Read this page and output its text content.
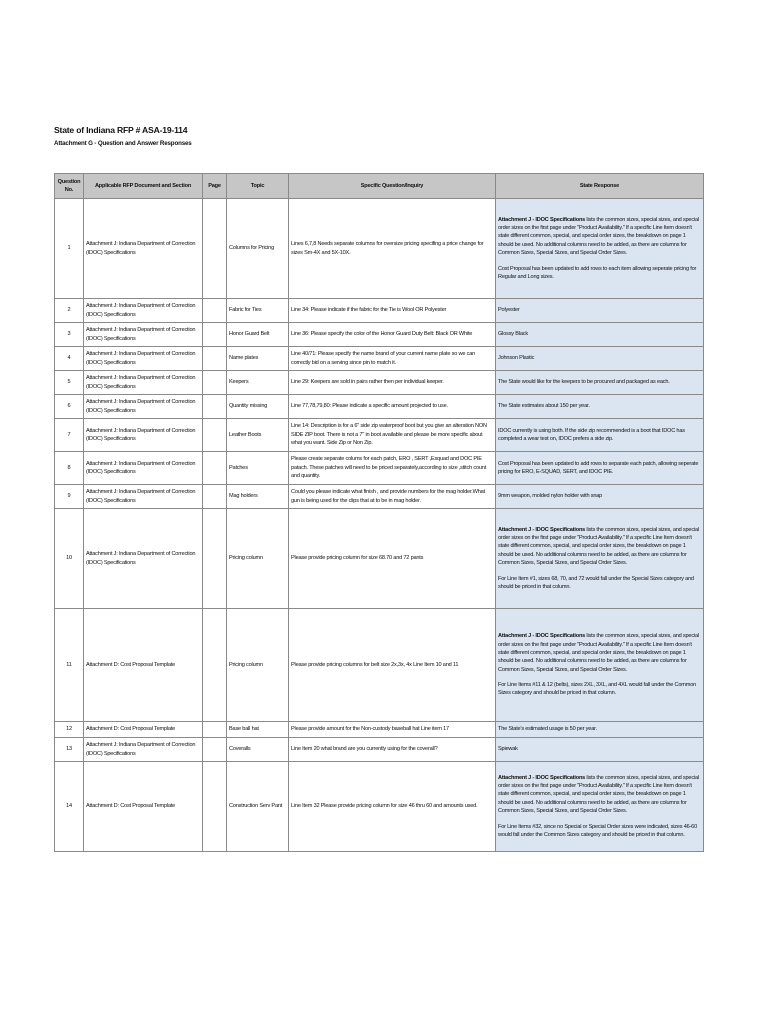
State of Indiana RFP # ASA-19-114
Attachment G - Question and Answer Responses
Question No.	Applicable RFP Document and Section	Page	Topic	Specific Question/Inquiry	State Response
1	Attachment J: Indiana Department of Correction (IDOC) Specifications		Columns for Pricing	Lines 6,7,8 Needs separate columns for oversize pricing specifing a price change for sizes Sm-4X and 5X-10X.	Attachment J - IDOC Specifications lists the common sizes, special sizes, and special order sizes on the first page under "Product Availability." If a specific Line Item doesn't state different common, special, and special order sizes, the breakdown on page 1 should be used. No additional columns need to be added, as there are columns for Common Sizes, Special Sizes, and Special Order Sizes.

Cost Proposal has been updated to add rows to each item allowing seperate pricing for Regular and Long sizes.

2	Attachment J: Indiana Department of Correction (IDOC) Specifications		Fabric for Ties	Line 34: Please indicate if the fabric for the Tie is Wool OR Polyester	Polyester

3	Attachment J: Indiana Department of Correction (IDOC) Specifications		Honor Guard Belt	Line 36: Please specify the color of the Honor Guard Duty Belt: Black OR White	Glossy Black

4	Attachment J: Indiana Department of Correction (IDOC) Specifications		Name plates	Line 40/71: Please specify the name brand of your current name plate so we can correctly bid on a serving since pin to match it.	Johnson Plastic

5	Attachment J: Indiana Department of Correction (IDOC) Specifications		Keepers	Line 29: Keepers are sold in pairs rather then per individual keeper.	The State would like for the keepers to be procured and packaged as each.

6	Attachment J: Indiana Department of Correction (IDOC) Specifications		Quantity missing	Line 77,78,79,80: Please indicate a specific amount projected to use.	The State estimates about 150 per year.

7	Attachment J: Indiana Department of Correction (IDOC) Specifications		Leather Boots	Line 14: Description is for a 6" side zip waterproof boot but you give an alteration NON SIDE ZIP boot. There is not a 7" in boot available and please be more specific about what you want. Side Zip or Non Zip.	IDOC currently is using both. If the side zip recommended is a boot that IDOC has completed a wear test on, IDOC prefers a side zip.

8	Attachment J: Indiana Department of Correction (IDOC) Specifications		Patches	Please create separate colums for each patch, ERO , SERT ,Esquad and DOC PIE patach. These patches will need to be priced separately,according to size ,stitch count and quantity.	Cost Proposal has been updated to add rows to separate each patch, allowing seperate pricing for ERO, E-SQUAD, SERT, and IDOC PIE.

9	Attachment J: Indiana Department of Correction (IDOC) Specifications		Mag holders	Could you please indicate what finish , and provide numbers for the mag holder.What gun is being used for the clips that at to be in mag holder.	9mm weapon, molded nylon holder with snap

10	Attachment J: Indiana Department of Correction (IDOC) Specifications		Pricing column	Please provide pricing column for size 68.70 and 72 pants	Attachment J - IDOC Specifications lists the common sizes, special sizes, and special order sizes on the first page under "Product Availability." If a specific Line Item doesn't state different common, special, and special order sizes, the breakdown on page 1 should be used. No additional columns need to be added, as there are columns for Common Sizes, Special Sizes, and Special Order Sizes.

For Line Item #1, sizes 68, 70, and 72 would fall under the Special Sizes category and should be priced in that column.

11	Attachment D: Cost Proposal Template		Pricing column	Please provide pricing columns for belt size 2x,3x, 4x Line Item 10 and 11	Attachment J - IDOC Specifications lists the common sizes, special sizes, and special order sizes on the first page under "Product Availability." If a specific Line Item doesn't state different common, special, and special order sizes, the breakdown on page 1 should be used. No additional columns need to be added, as there are columns for Common Sizes, Special Sizes, and Special Order Sizes.

For Line Items #11 & 12 (belts), sizes 2XL, 3XL, and 4XL would fall under the Common Sizes category and should be priced in that column.

12	Attachment D: Cost Proposal Template		Base ball hat	Please provide amount for the Non-custody baseball hat Line item 17	The State's estimated usage is 50 per year.

13	Attachment J: Indiana Department of Correction (IDOC) Specifications		Coveralls	Line Item 20 what brand are you currently using for the coverall?	Spiewak

14	Attachment D: Cost Proposal Template		Construction Serv Pant	Line Item 32 Please provide pricing column for size 46 thru 60 and amounts used.	Attachment J - IDOC Specifications lists the common sizes, special sizes, and special order sizes on the first page under "Product Availability." If a specific Line Item doesn't state different common, special, and special order sizes, the breakdown on page 1 should be used. No additional columns need to be added, as there are columns for Common Sizes, Special Sizes, and Special Order Sizes.

For Line Items #32, since no Special or Special Order sizes were indicated, sizes 46-60 would fall under the Common Sizes category and should be priced in that column.
